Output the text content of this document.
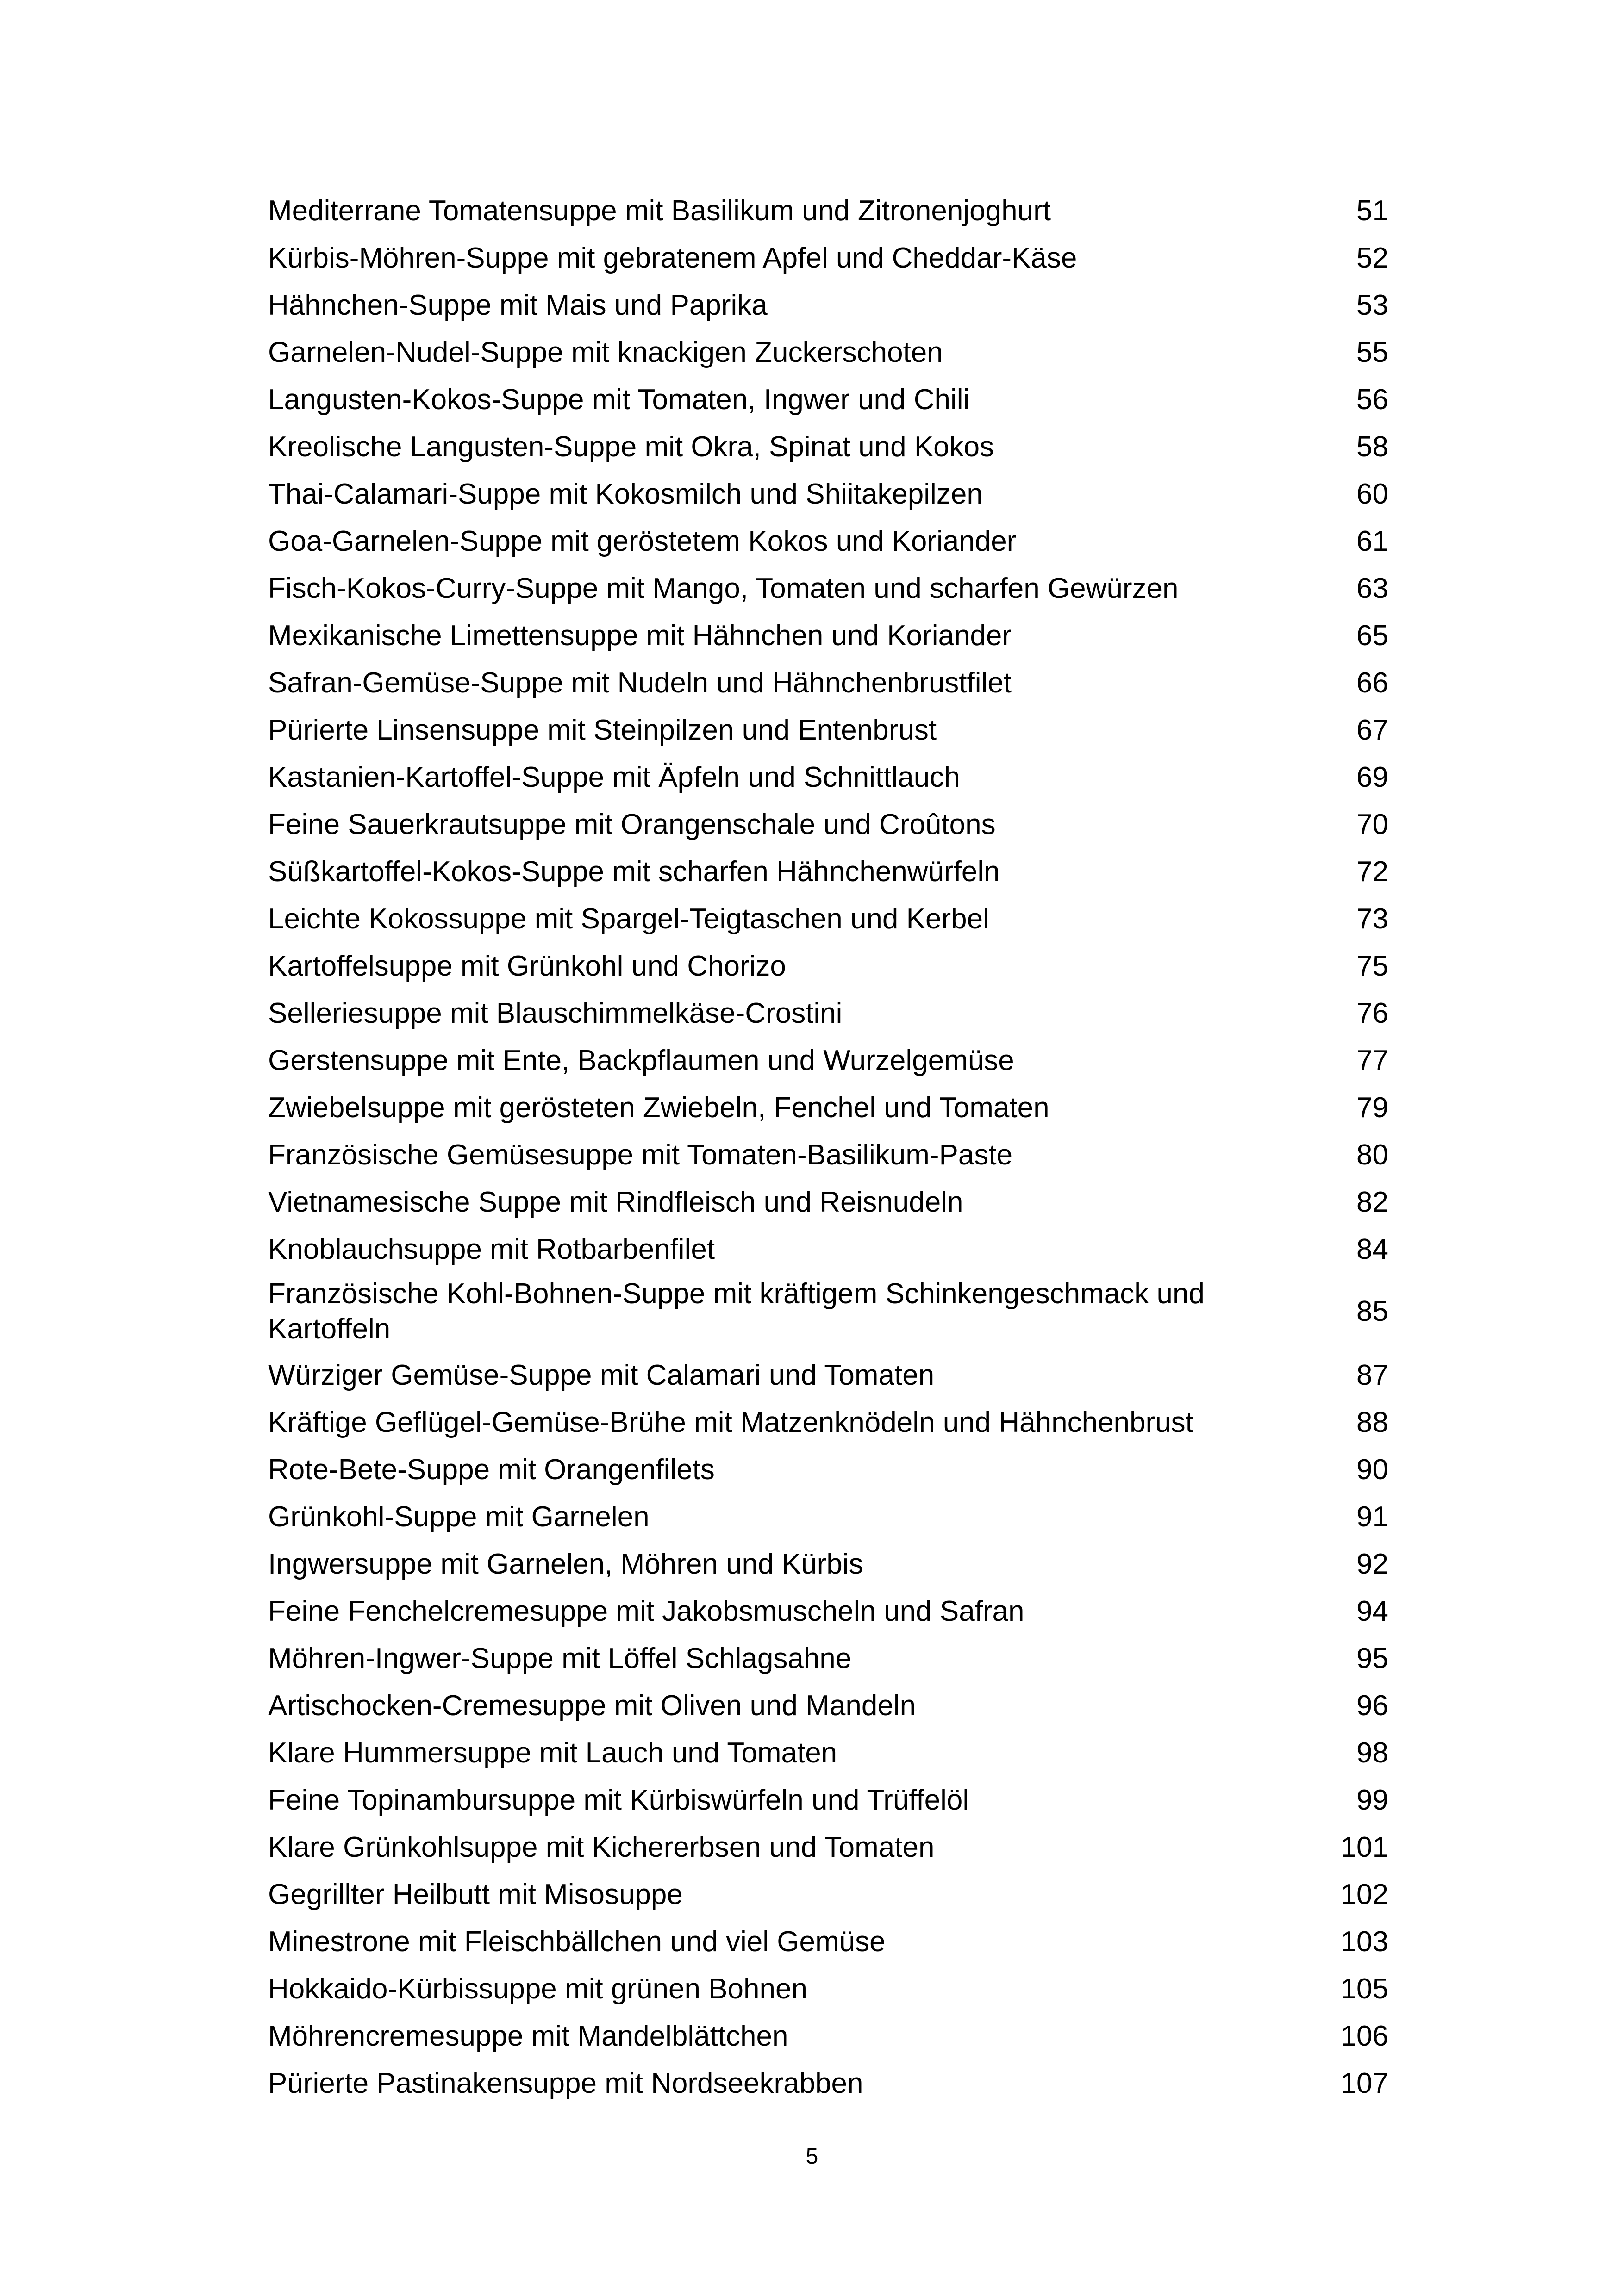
Mediterrane Tomatensuppe mit Basilikum und Zitronenjoghurt	51
Kürbis-Möhren-Suppe mit gebratenem Apfel und Cheddar-Käse	52
Hähnchen-Suppe mit Mais und Paprika	53
Garnelen-Nudel-Suppe mit knackigen Zuckerschoten	55
Langusten-Kokos-Suppe mit Tomaten, Ingwer und Chili	56
Kreolische Langusten-Suppe mit Okra, Spinat und Kokos	58
Thai-Calamari-Suppe mit Kokosmilch und Shiitakepilzen	60
Goa-Garnelen-Suppe mit geröstetem Kokos und Koriander	61
Fisch-Kokos-Curry-Suppe mit Mango, Tomaten und scharfen Gewürzen	63
Mexikanische Limettensuppe mit Hähnchen und Koriander	65
Safran-Gemüse-Suppe mit Nudeln und Hähnchenbrustfilet	66
Pürierte Linsensuppe mit Steinpilzen und Entenbrust	67
Kastanien-Kartoffel-Suppe mit Äpfeln und Schnittlauch	69
Feine Sauerkrautsuppe mit Orangenschale und Croûtons	70
Süßkartoffel-Kokos-Suppe mit scharfen Hähnchenwürfeln	72
Leichte Kokossuppe mit Spargel-Teigtaschen und Kerbel	73
Kartoffelsuppe mit Grünkohl und Chorizo	75
Selleriesuppe mit Blauschimmelkäse-Crostini	76
Gerstensuppe mit Ente, Backpflaumen und Wurzelgemüse	77
Zwiebelsuppe mit gerösteten Zwiebeln, Fenchel und Tomaten	79
Französische Gemüsesuppe mit Tomaten-Basilikum-Paste	80
Vietnamesische Suppe mit Rindfleisch und Reisnudeln	82
Knoblauchsuppe mit Rotbarbenfilet	84
Französische Kohl-Bohnen-Suppe mit kräftigem Schinkengeschmack und Kartoffeln
85
Würziger Gemüse-Suppe mit Calamari und Tomaten	87
Kräftige Geflügel-Gemüse-Brühe mit Matzenknödeln und Hähnchenbrust	88
Rote-Bete-Suppe mit Orangenfilets	90
Grünkohl-Suppe mit Garnelen	91
Ingwersuppe mit Garnelen, Möhren und Kürbis	92
Feine Fenchelcremesuppe mit Jakobsmuscheln und Safran	94
Möhren-Ingwer-Suppe mit Löffel Schlagsahne	95
Artischocken-Cremesuppe mit Oliven und Mandeln	96
Klare Hummersuppe mit Lauch und Tomaten	98
Feine Topinambursuppe mit Kürbiswürfeln und Trüffelöl	99
Klare Grünkohlsuppe mit Kichererbsen und Tomaten	101
Gegrillter Heilbutt mit Misosuppe	102
Minestrone mit Fleischbällchen und viel Gemüse	103
Hokkaido-Kürbissuppe mit grünen Bohnen	105
Möhrencremesuppe mit Mandelblättchen	106
Pürierte Pastinakensuppe mit Nordseekrabben	107
5
